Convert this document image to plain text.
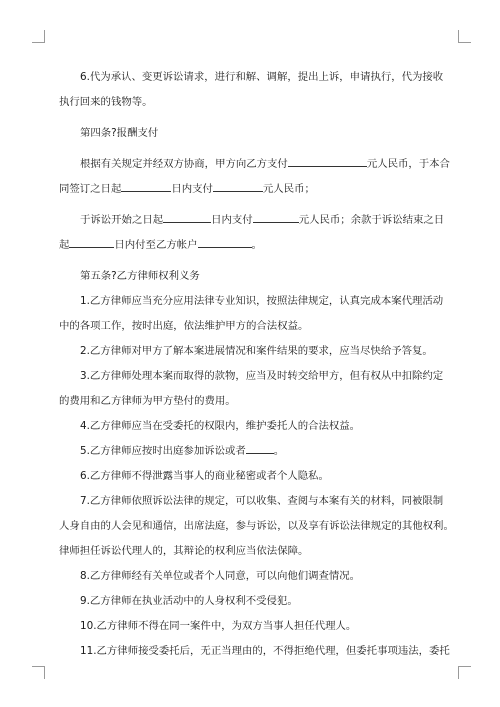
6.代为承认、变更诉讼请求，进行和解、调解，提出上诉，申请执行，代为接收
执行回来的钱物等。
第四条?报酬支付
根据有关规定并经双方协商，甲方向乙方支付	元人民币，于本合
同签订之日起	日内支付	元人民币；
于诉讼开始之日起	日内支付	元人民币；余款于诉讼结束之日
起	日内付至乙方帐户	。
第五条?乙方律师权利义务
1.乙方律师应当充分应用法律专业知识，按照法律规定，认真完成本案代理活动
中的各项工作，按时出庭，依法维护甲方的合法权益。
2.乙方律师对甲方了解本案进展情况和案件结果的要求，应当尽快给予答复。
3.乙方律师处理本案而取得的款物，应当及时转交给甲方，但有权从中扣除约定
的费用和乙方律师为甲方垫付的费用。
4.乙方律师应当在受委托的权限内，维护委托人的合法权益。
5.乙方律师应按时出庭参加诉讼或者	。
6.乙方律师不得泄露当事人的商业秘密或者个人隐私。
7.乙方律师依照诉讼法律的规定，可以收集、查阅与本案有关的材料，同被限制
人身自由的人会见和通信，出席法庭，参与诉讼，以及享有诉讼法律规定的其他权利。
律师担任诉讼代理人的，其辩论的权利应当依法保障。
8.乙方律师经有关单位或者个人同意，可以向他们调查情况。
9.乙方律师在执业活动中的人身权利不受侵犯。
10.乙方律师不得在同一案件中，为双方当事人担任代理人。
11.乙方律师接受委托后，无正当理由的，不得拒绝代理，但委托事项违法，委托
